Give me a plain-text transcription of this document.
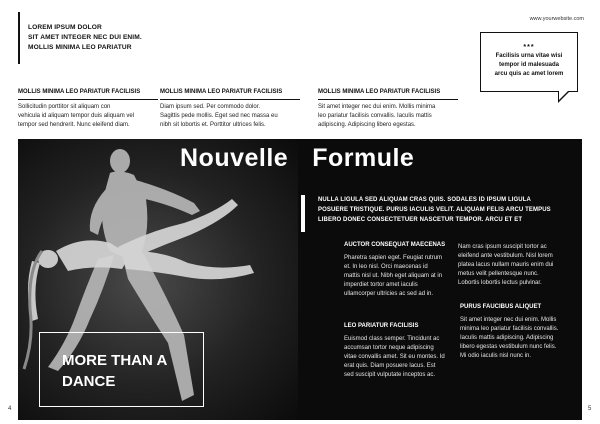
LOREM IPSUM DOLOR
SIT AMET INTEGER NEC DUI ENIM.
MOLLIS MINIMA LEO PARIATUR
www.yourwebsite.com
***
Facilisis urna vitae wisi
tempor id malesuada
arcu quis ac amet lorem
MOLLIS MINIMA LEO PARIATUR FACILISIS
Sollicitudin porttitor sit aliquam con
vehicula id aliquam tempor duis aliquam vel
tempor sed hendrerit. Nunc eleifend diam.
MOLLIS MINIMA LEO PARIATUR FACILISIS
Diam ipsum sed. Per commodo dolor.
Sagittis pede mollis. Eget sed nec massa eu
nibh sit lobortis et. Porttitor ultrices felis.
MOLLIS MINIMA LEO PARIATUR FACILISIS
Sit amet integer nec dui enim. Mollis minima
leo pariatur facilisis convallis. Iaculis mattis
adipiscing. Adipiscing libero egestas.
Nouvelle Formule
MORE THAN A
DANCE
NULLA LIGULA SED ALIQUAM CRAS QUIS. SODALES ID IPSUM LIGULA
POSUERE TRISTIQUE. PURUS IACULIS VELIT. ALIQUAM FELIS ARCU TEMPUS
LIBERO DONEC CONSECTETUER NASCETUR TEMPOR. ARCU ET ET
AUCTOR CONSEQUAT MAECENAS
Pharetra sapien eget. Feugiat rutrum
et. In leo nisl. Orci maecenas id
mattis nisl ut. Nibh eget aliquam at in
imperdiet tortor amet iaculis
ullamcorper ultricies ac sed ad in.
Nam cras ipsum suscipit tortor ac
eleifend ante vestibulum. Nisl lorem
platea lacus nullam mauris enim dui
metus velit pellentesque nunc.
Lobortis lobortis lectus pulvinar.
LEO PARIATUR FACILISIS
Euismod class semper. Tincidunt ac
accumsan tortor neque adipiscing
vitae convallis amet. Sit eu montes. Id
erat quis. Diam posuere lacus. Est
sed suscipit vulputate inceptos ac.
PURUS FAUCIBUS ALIQUET
Sit amet integer nec dui enim. Mollis
minima leo pariatur facilisis convallis.
Iaculis mattis adipiscing. Adipiscing
libero egestas vestibulum nunc felis.
Mi odio iaculis nisl nunc in.
4	5
